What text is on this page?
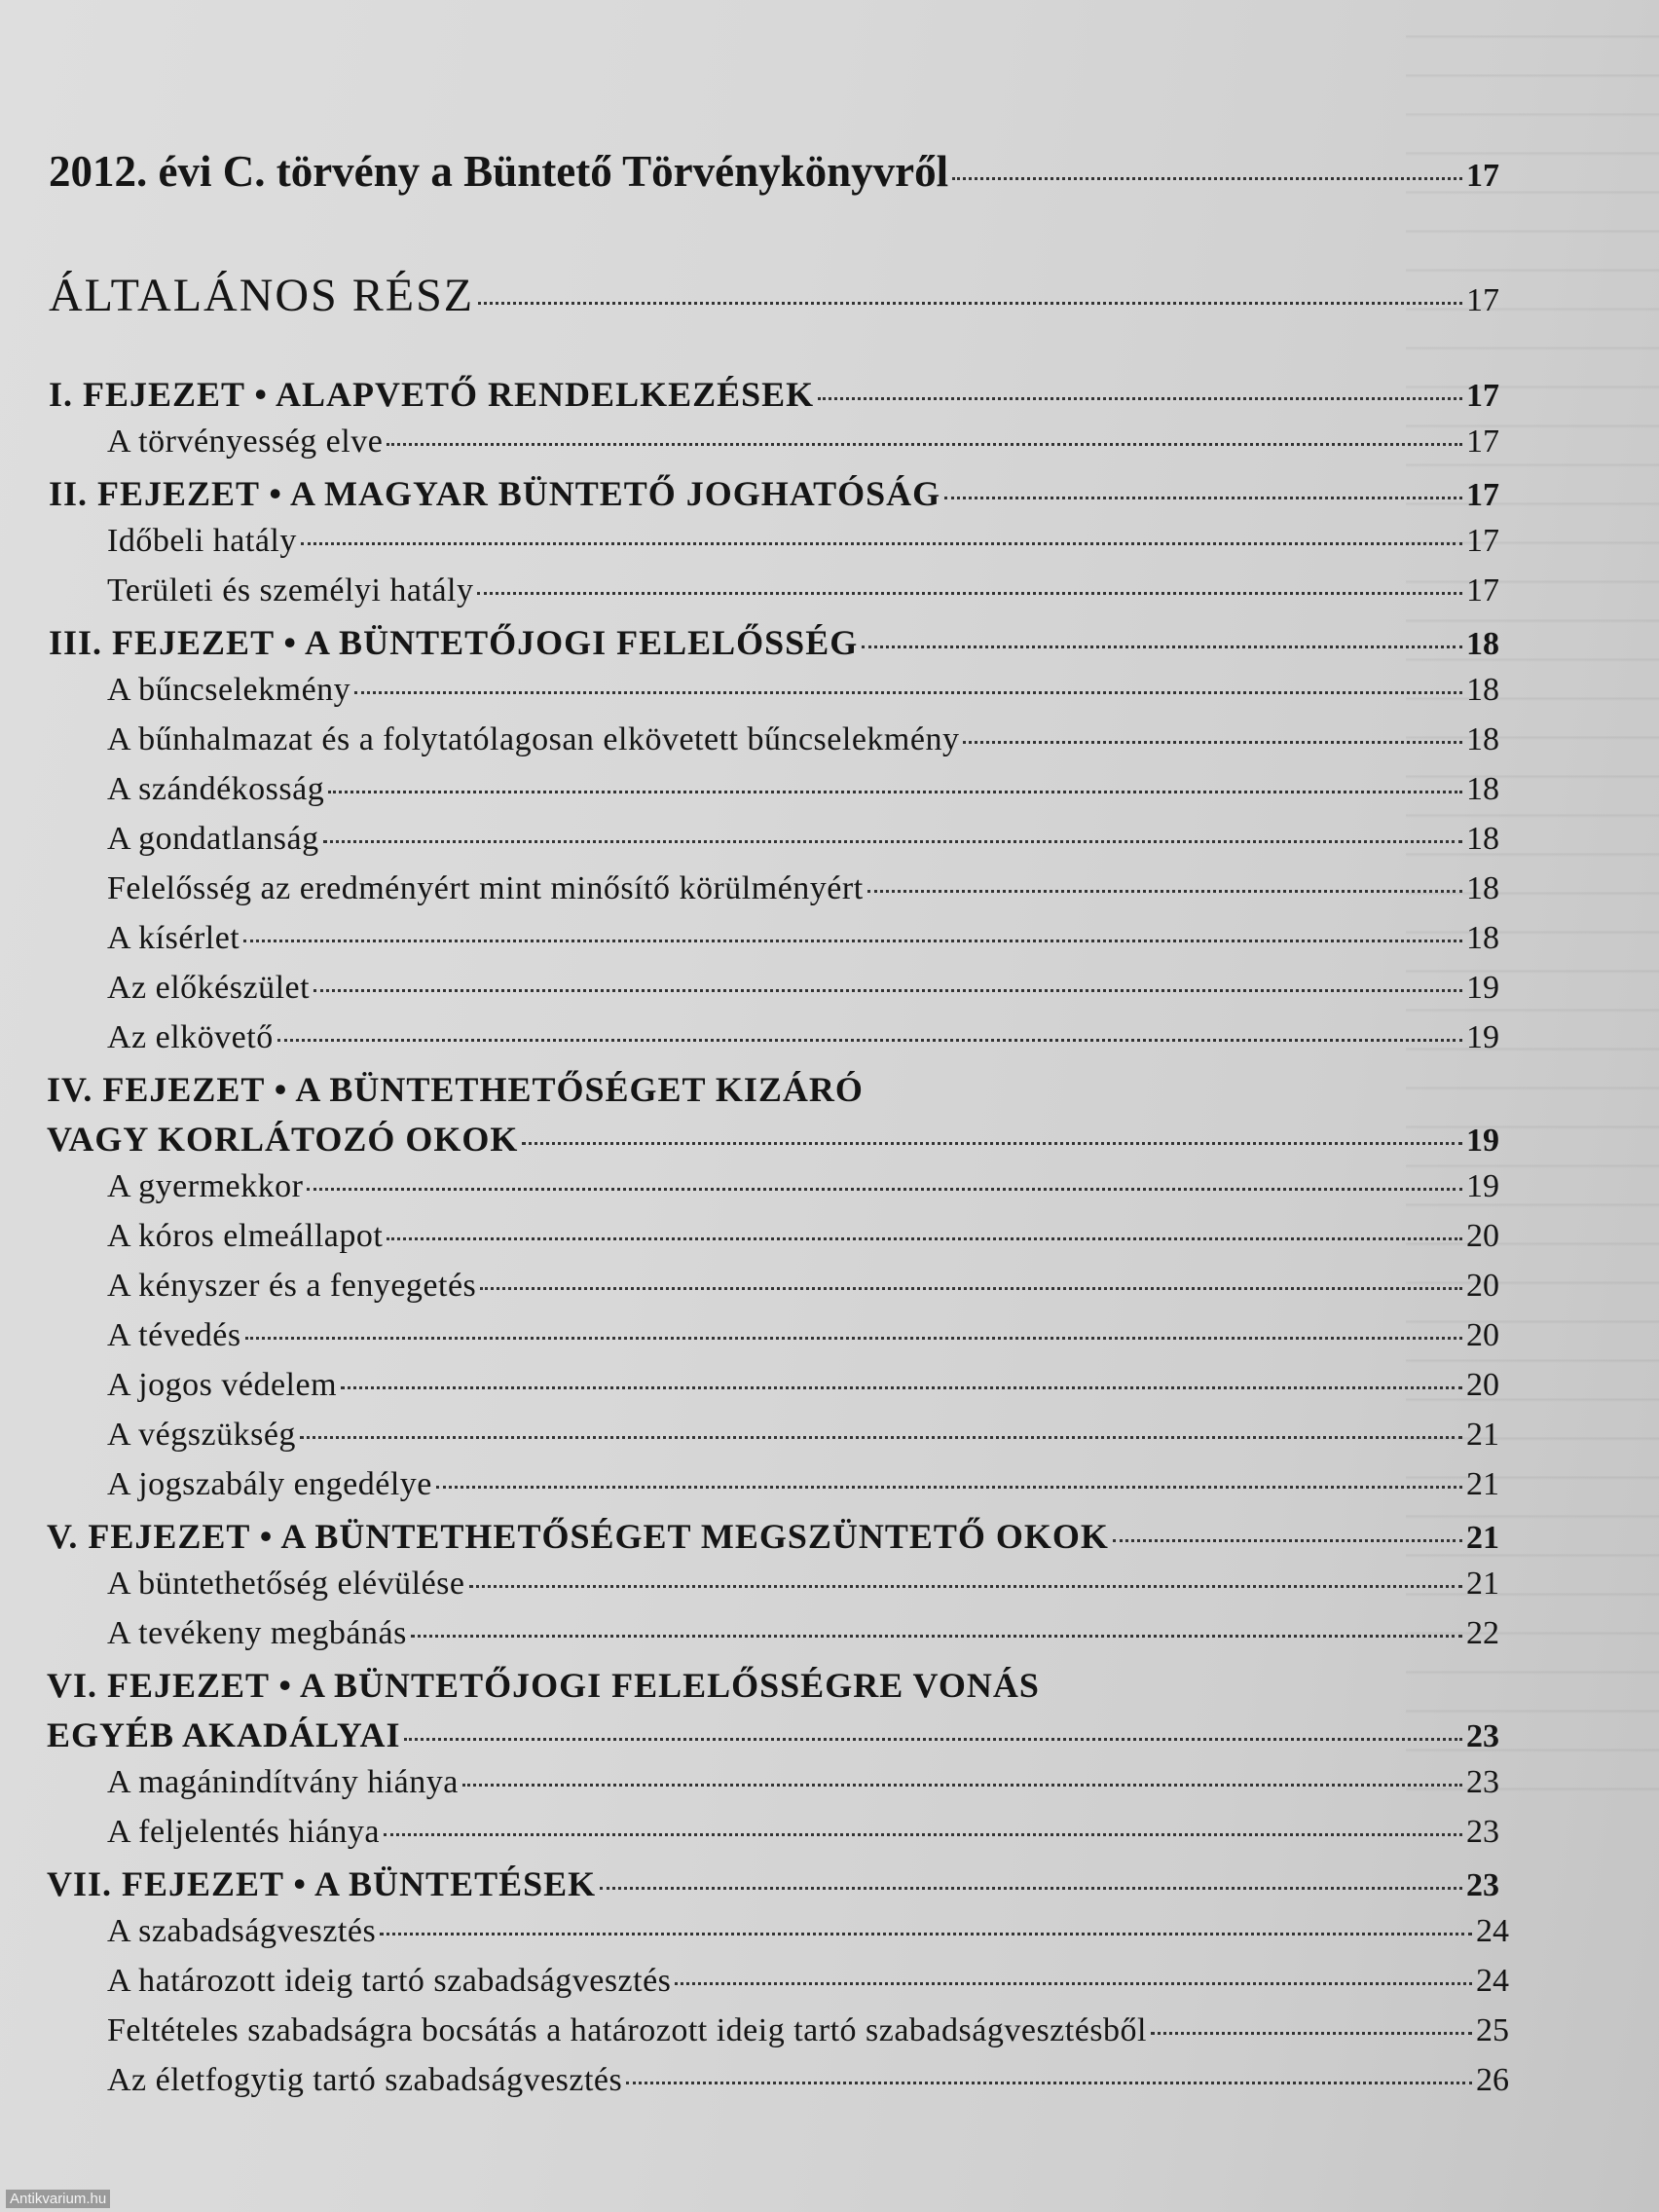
2012. évi C. törvény a Büntető Törvénykönyvről	17
ÁLTALÁNOS RÉSZ	17
I. FEJEZET • ALAPVETŐ RENDELKEZÉSEK	17
A törvényesség elve	17
II. FEJEZET • A MAGYAR BÜNTETŐ JOGHATÓSÁG	17
Időbeli hatály	17
Területi és személyi hatály	17
III. FEJEZET • A BÜNTETŐJOGI FELELŐSSÉG	18
A bűncselekmény	18
A bűnhalmazat és a folytatólagosan elkövetett bűncselekmény	18
A szándékosság	18
A gondatlanság	18
Felelősség az eredményért mint minősítő körülményért	18
A kísérlet	18
Az előkészület	19
Az elkövető	19
IV. FEJEZET • A BÜNTETHETŐSÉGET KIZÁRÓ
VAGY KORLÁTOZÓ OKOK	19
A gyermekkor	19
A kóros elmeállapot	20
A kényszer és a fenyegetés	20
A tévedés	20
A jogos védelem	20
A végszükség	21
A jogszabály engedélye	21
V. FEJEZET • A BÜNTETHETŐSÉGET MEGSZÜNTETŐ OKOK	21
A büntethetőség elévülése	21
A tevékeny megbánás	22
VI. FEJEZET • A BÜNTETŐJOGI FELELŐSSÉGRE VONÁS
EGYÉB AKADÁLYAI	23
A magánindítvány hiánya	23
A feljelentés hiánya	23
VII. FEJEZET • A BÜNTETÉSEK	23
A szabadságvesztés	24
A határozott ideig tartó szabadságvesztés	24
Feltételes szabadságra bocsátás a határozott ideig tartó szabadságvesztésből	25
Az életfogytig tartó szabadságvesztés	26
Antikvarium.hu
